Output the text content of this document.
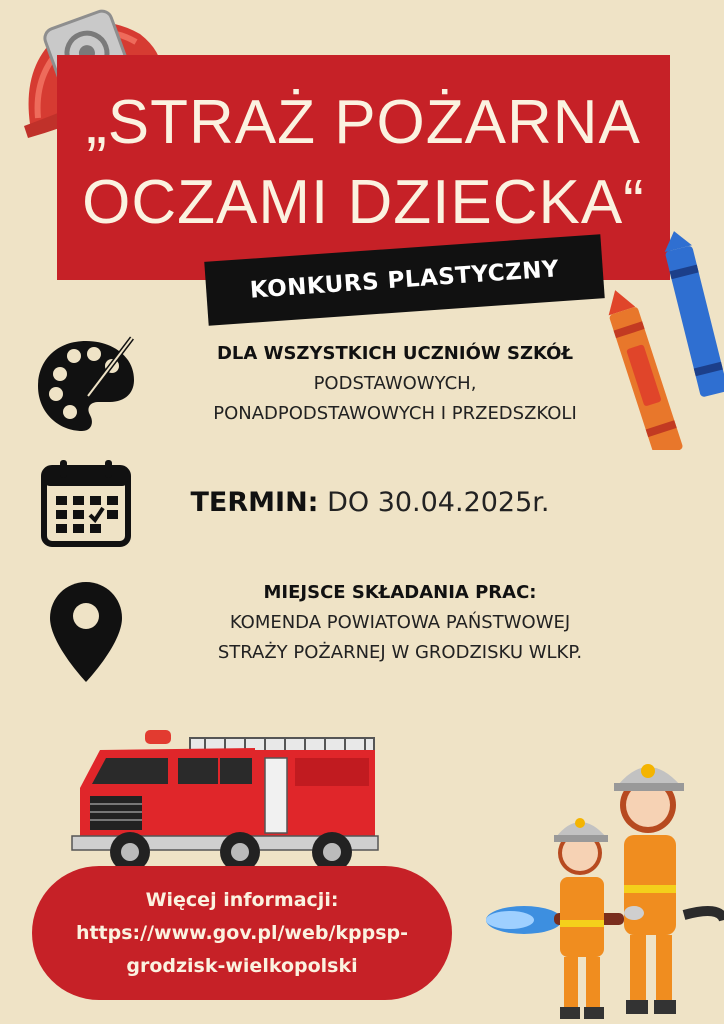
„STRAŻ POŻARNA
OCZAMI DZIECKA“
KONKURS PLASTYCZNY
DLA WSZYSTKICH UCZNIÓW SZKÓŁ
PODSTAWOWYCH,
PONADPODSTAWOWYCH I PRZEDSZKOLI
TERMIN: DO 30.04.2025r.
MIEJSCE SKŁADANIA PRAC:
KOMENDA POWIATOWA PAŃSTWOWEJ
STRAŻY POŻARNEJ W GRODZISKU WLKP.
Więcej informacji:
https://www.gov.pl/web/kppsp-
grodzisk-wielkopolski
